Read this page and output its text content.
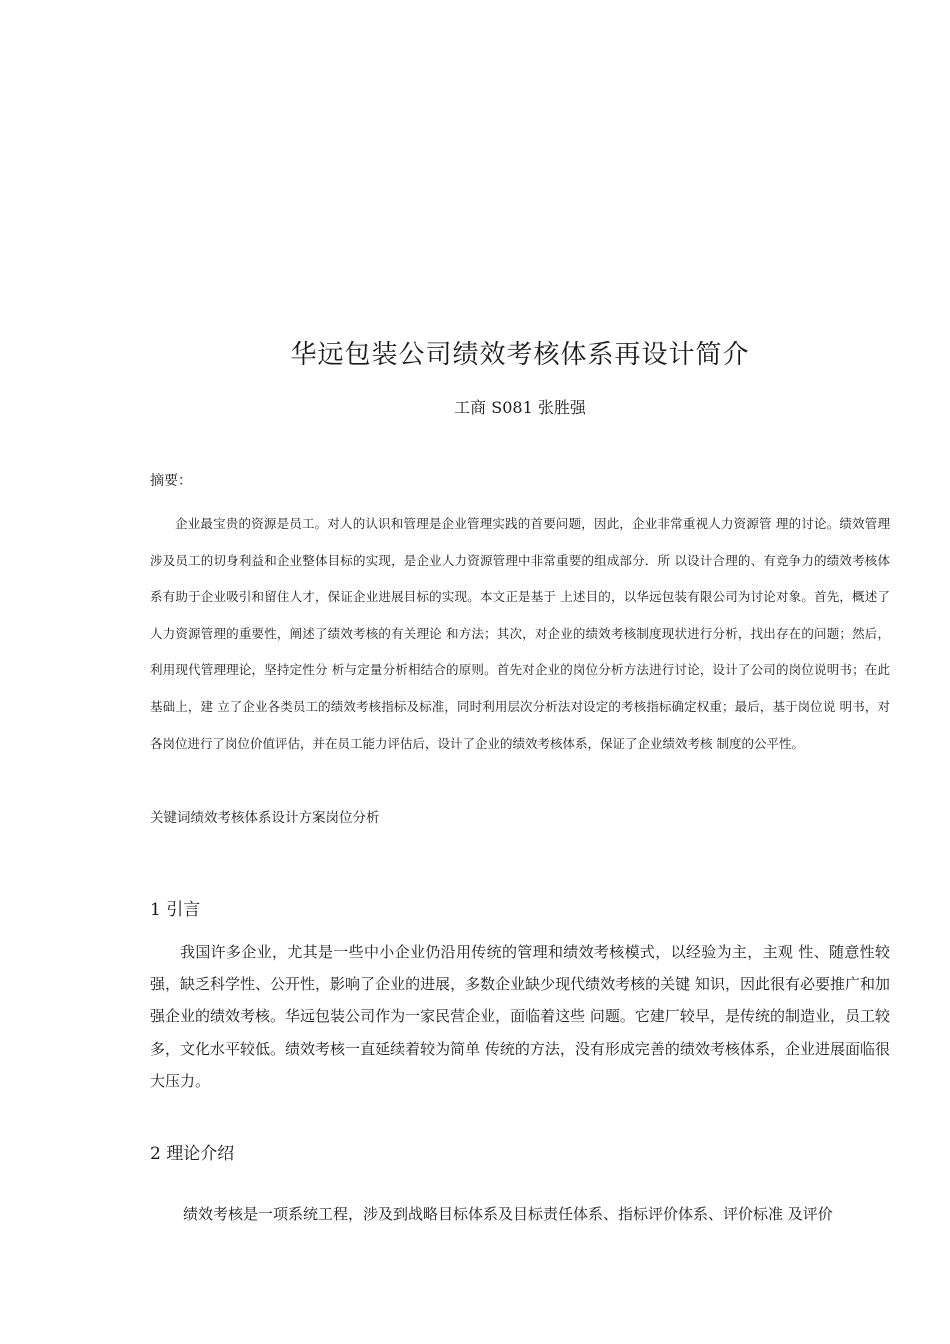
华远包装公司绩效考核体系再设计简介
工商 S081 张胜强
摘要：

企业最宝贵的资源是员工。对人的认识和管理是企业管理实践的首要问题，因此，企业非常重视人力资源管 理的讨论。绩效管理涉及员工的切身利益和企业整体目标的实现，是企业人力资源管理中非常重要的组成部分．所 以设计合理的、有竞争力的绩效考核体系有助于企业吸引和留住人才，保证企业进展目标的实现。本文正是基于 上述目的，以华远包装有限公司为讨论对象。首先，概述了人力资源管理的重要性，阐述了绩效考核的有关理论 和方法；其次，对企业的绩效考核制度现状进行分析，找出存在的问题；然后，利用现代管理理论，坚持定性分 析与定量分析相结合的原则。首先对企业的岗位分析方法进行讨论，设计了公司的岗位说明书；在此基础上，建 立了企业各类员工的绩效考核指标及标准，同时利用层次分析法对设定的考核指标确定权重；最后，基于岗位说 明书，对各岗位进行了岗位价值评估，并在员工能力评估后，设计了企业的绩效考核体系，保证了企业绩效考核 制度的公平性。

关键词绩效考核体系设计方案岗位分析
1 引言

我国许多企业，尤其是一些中小企业仍沿用传统的管理和绩效考核模式，以经验为主，主观 性、随意性较强，缺乏科学性、公开性，影响了企业的进展，多数企业缺少现代绩效考核的关键 知识，因此很有必要推广和加强企业的绩效考核。华远包装公司作为一家民营企业，面临着这些 问题。它建厂较早，是传统的制造业，员工较多，文化水平较低。绩效考核一直延续着较为简单 传统的方法，没有形成完善的绩效考核体系，企业进展面临很大压力。

2 理论介绍

绩效考核是一项系统工程，涉及到战略目标体系及目标责任体系、指标评价体系、评价标准 及评价
